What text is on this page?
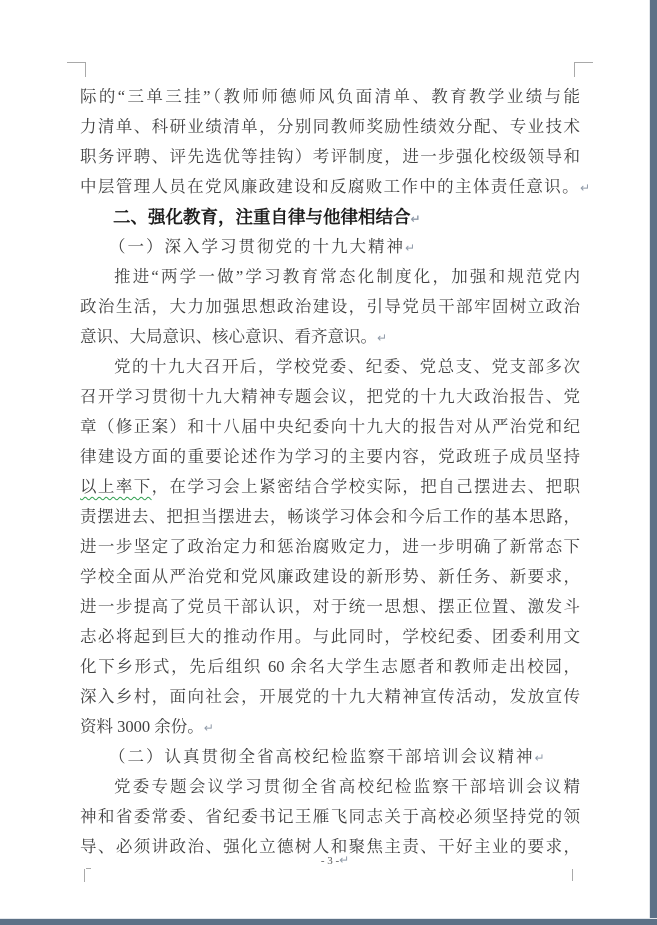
际的“三单三挂”（教师师德师风负面清单、教育教学业绩与能
力清单、科研业绩清单，分别同教师奖励性绩效分配、专业技术
职务评聘、评先选优等挂钩）考评制度，进一步强化校级领导和
中层管理人员在党风廉政建设和反腐败工作中的主体责任意识。↵
二、强化教育，注重自律与他律相结合↵
（一）深入学习贯彻党的十九大精神↵
推进“两学一做”学习教育常态化制度化，加强和规范党内
政治生活，大力加强思想政治建设，引导党员干部牢固树立政治
意识、大局意识、核心意识、看齐意识。↵
党的十九大召开后，学校党委、纪委、党总支、党支部多次
召开学习贯彻十九大精神专题会议，把党的十九大政治报告、党
章（修正案）和十八届中央纪委向十九大的报告对从严治党和纪
律建设方面的重要论述作为学习的主要内容，党政班子成员坚持
以上率下，在学习会上紧密结合学校实际，把自己摆进去、把职
责摆进去、把担当摆进去，畅谈学习体会和今后工作的基本思路，
进一步坚定了政治定力和惩治腐败定力，进一步明确了新常态下
学校全面从严治党和党风廉政建设的新形势、新任务、新要求，
进一步提高了党员干部认识，对于统一思想、摆正位置、激发斗
志必将起到巨大的推动作用。与此同时，学校纪委、团委利用文
化下乡形式，先后组织 60 余名大学生志愿者和教师走出校园，
深入乡村，面向社会，开展党的十九大精神宣传活动，发放宣传
资料 3000 余份。↵
（二）认真贯彻全省高校纪检监察干部培训会议精神↵
党委专题会议学习贯彻全省高校纪检监察干部培训会议精
神和省委常委、省纪委书记王雁飞同志关于高校必须坚持党的领
导、必须讲政治、强化立德树人和聚焦主责、干好主业的要求，
- 3 -↵
